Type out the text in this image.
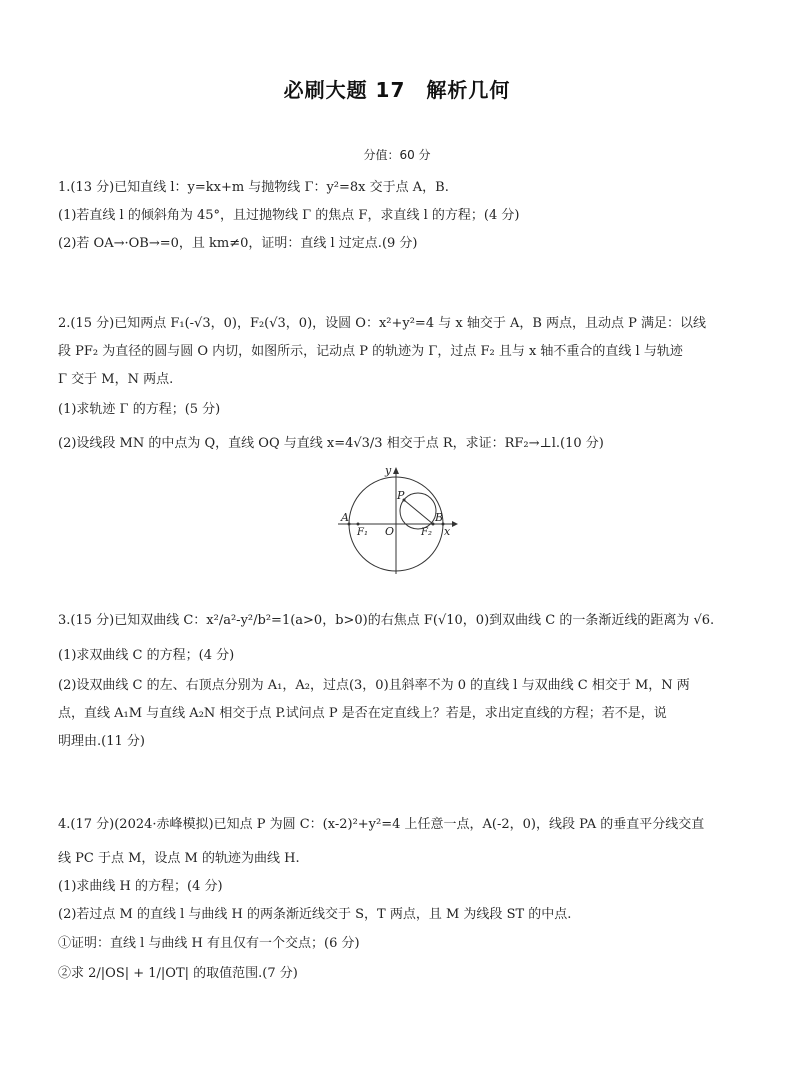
必刷大题 17　解析几何
分值：60 分
1.(13 分)已知直线 l：y=kx+m 与抛物线 Γ：y²=8x 交于点 A，B.
(1)若直线 l 的倾斜角为 45°，且过抛物线 Γ 的焦点 F，求直线 l 的方程；(4 分)
(2)若 OA→·OB→=0，且 km≠0，证明：直线 l 过定点.(9 分)
2.(15 分)已知两点 F₁(-√3，0)，F₂(√3，0)，设圆 O：x²+y²=4 与 x 轴交于 A，B 两点，且动点 P 满足：以线
段 PF₂ 为直径的圆与圆 O 内切，如图所示，记动点 P 的轨迹为 Γ，过点 F₂ 且与 x 轴不重合的直线 l 与轨迹
Γ 交于 M，N 两点.
(1)求轨迹 Γ 的方程；(5 分)
(2)设线段 MN 的中点为 Q，直线 OQ 与直线 x=4√3/3 相交于点 R，求证：RF₂→⊥l.(10 分)
y
x
A	B
O
P
F₁	F₂
3.(15 分)已知双曲线 C：x²/a²-y²/b²=1(a>0，b>0)的右焦点 F(√10，0)到双曲线 C 的一条渐近线的距离为 √6.
(1)求双曲线 C 的方程；(4 分)
(2)设双曲线 C 的左、右顶点分别为 A₁，A₂，过点(3，0)且斜率不为 0 的直线 l 与双曲线 C 相交于 M，N 两
点，直线 A₁M 与直线 A₂N 相交于点 P.试问点 P 是否在定直线上？若是，求出定直线的方程；若不是，说
明理由.(11 分)
4.(17 分)(2024·赤峰模拟)已知点 P 为圆 C：(x-2)²+y²=4 上任意一点，A(-2，0)，线段 PA 的垂直平分线交直
线 PC 于点 M，设点 M 的轨迹为曲线 H.
(1)求曲线 H 的方程；(4 分)
(2)若过点 M 的直线 l 与曲线 H 的两条渐近线交于 S，T 两点，且 M 为线段 ST 的中点.
①证明：直线 l 与曲线 H 有且仅有一个交点；(6 分)
②求 2/|OS| + 1/|OT| 的取值范围.(7 分)
